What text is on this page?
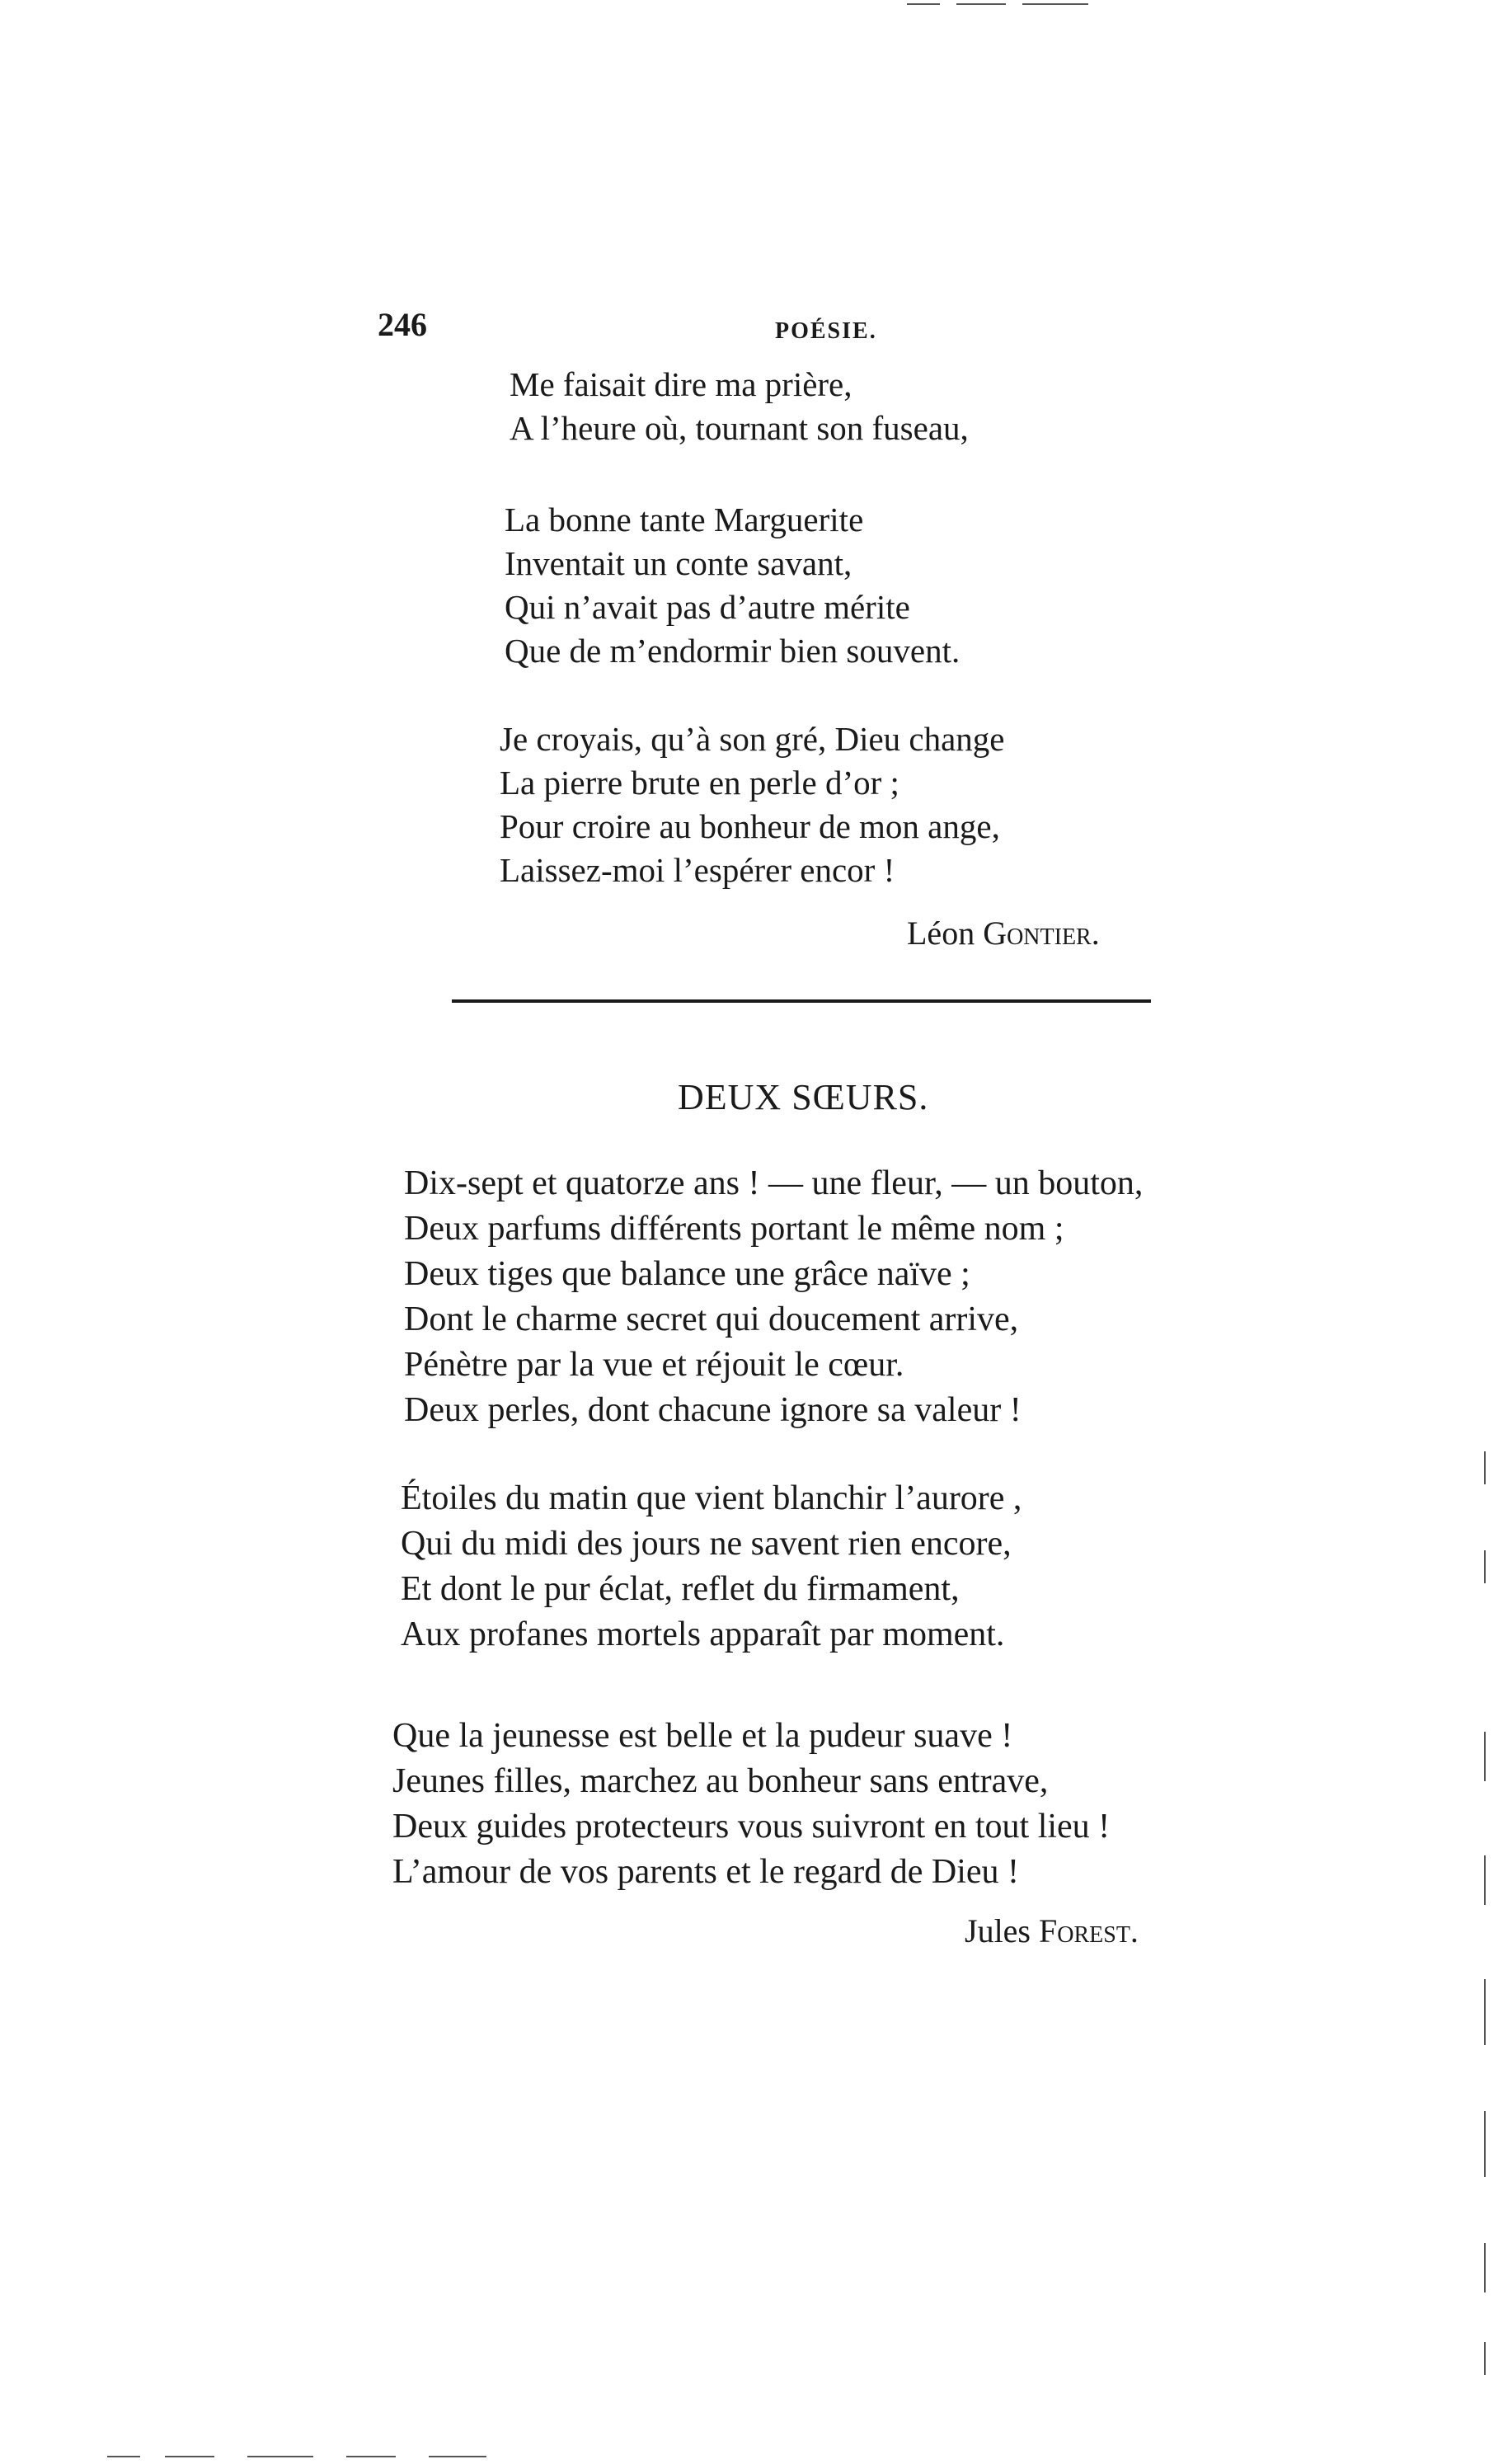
246	POÉSIE.
Me faisait dire ma prière,
A l’heure où, tournant son fuseau,
La bonne tante Marguerite
Inventait un conte savant,
Qui n’avait pas d’autre mérite
Que de m’endormir bien souvent.
Je croyais, qu’à son gré, Dieu change
La pierre brute en perle d’or ;
Pour croire au bonheur de mon ange,
Laissez-moi l’espérer encor !
Léon Gontier.
DEUX SŒURS.
Dix-sept et quatorze ans ! — une fleur, — un bouton,
Deux parfums différents portant le même nom ;
Deux tiges que balance une grâce naïve ;
Dont le charme secret qui doucement arrive,
Pénètre par la vue et réjouit le cœur.
Deux perles, dont chacune ignore sa valeur !
Étoiles du matin que vient blanchir l’aurore ,
Qui du midi des jours ne savent rien encore,
Et dont le pur éclat, reflet du firmament,
Aux profanes mortels apparaît par moment.
Que la jeunesse est belle et la pudeur suave !
Jeunes filles, marchez au bonheur sans entrave,
Deux guides protecteurs vous suivront en tout lieu !
L’amour de vos parents et le regard de Dieu !
Jules Forest.
